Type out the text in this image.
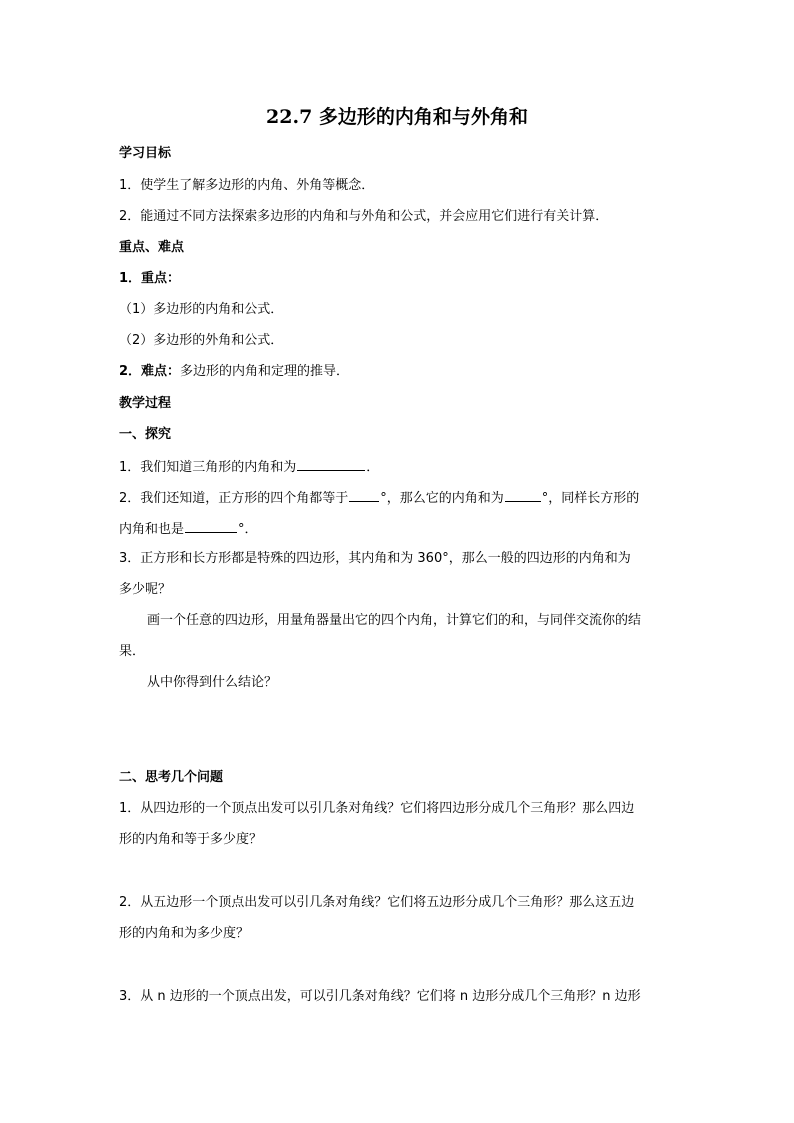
22.7 多边形的内角和与外角和
学习目标
1．使学生了解多边形的内角、外角等概念．
2．能通过不同方法探索多边形的内角和与外角和公式，并会应用它们进行有关计算．
重点、难点
1．重点：
（1）多边形的内角和公式．
（2）多边形的外角和公式．
2．难点：多边形的内角和定理的推导．
教学过程
一、探究
1．我们知道三角形的内角和为	．
2．我们还知道，正方形的四个角都等于 °，那么它的内角和为	°，同样长方形的
内角和也是	°．
3．正方形和长方形都是特殊的四边形，其内角和为 360°，那么一般的四边形的内角和为
多少呢？
画一个任意的四边形，用量角器量出它的四个内角，计算它们的和，与同伴交流你的结
果．
从中你得到什么结论？
二、思考几个问题
1．从四边形的一个顶点出发可以引几条对角线？它们将四边形分成几个三角形？那么四边
形的内角和等于多少度？
2．从五边形一个顶点出发可以引几条对角线？它们将五边形分成几个三角形？那么这五边
形的内角和为多少度？
3．从 n 边形的一个顶点出发，可以引几条对角线？它们将 n 边形分成几个三角形？n 边形
